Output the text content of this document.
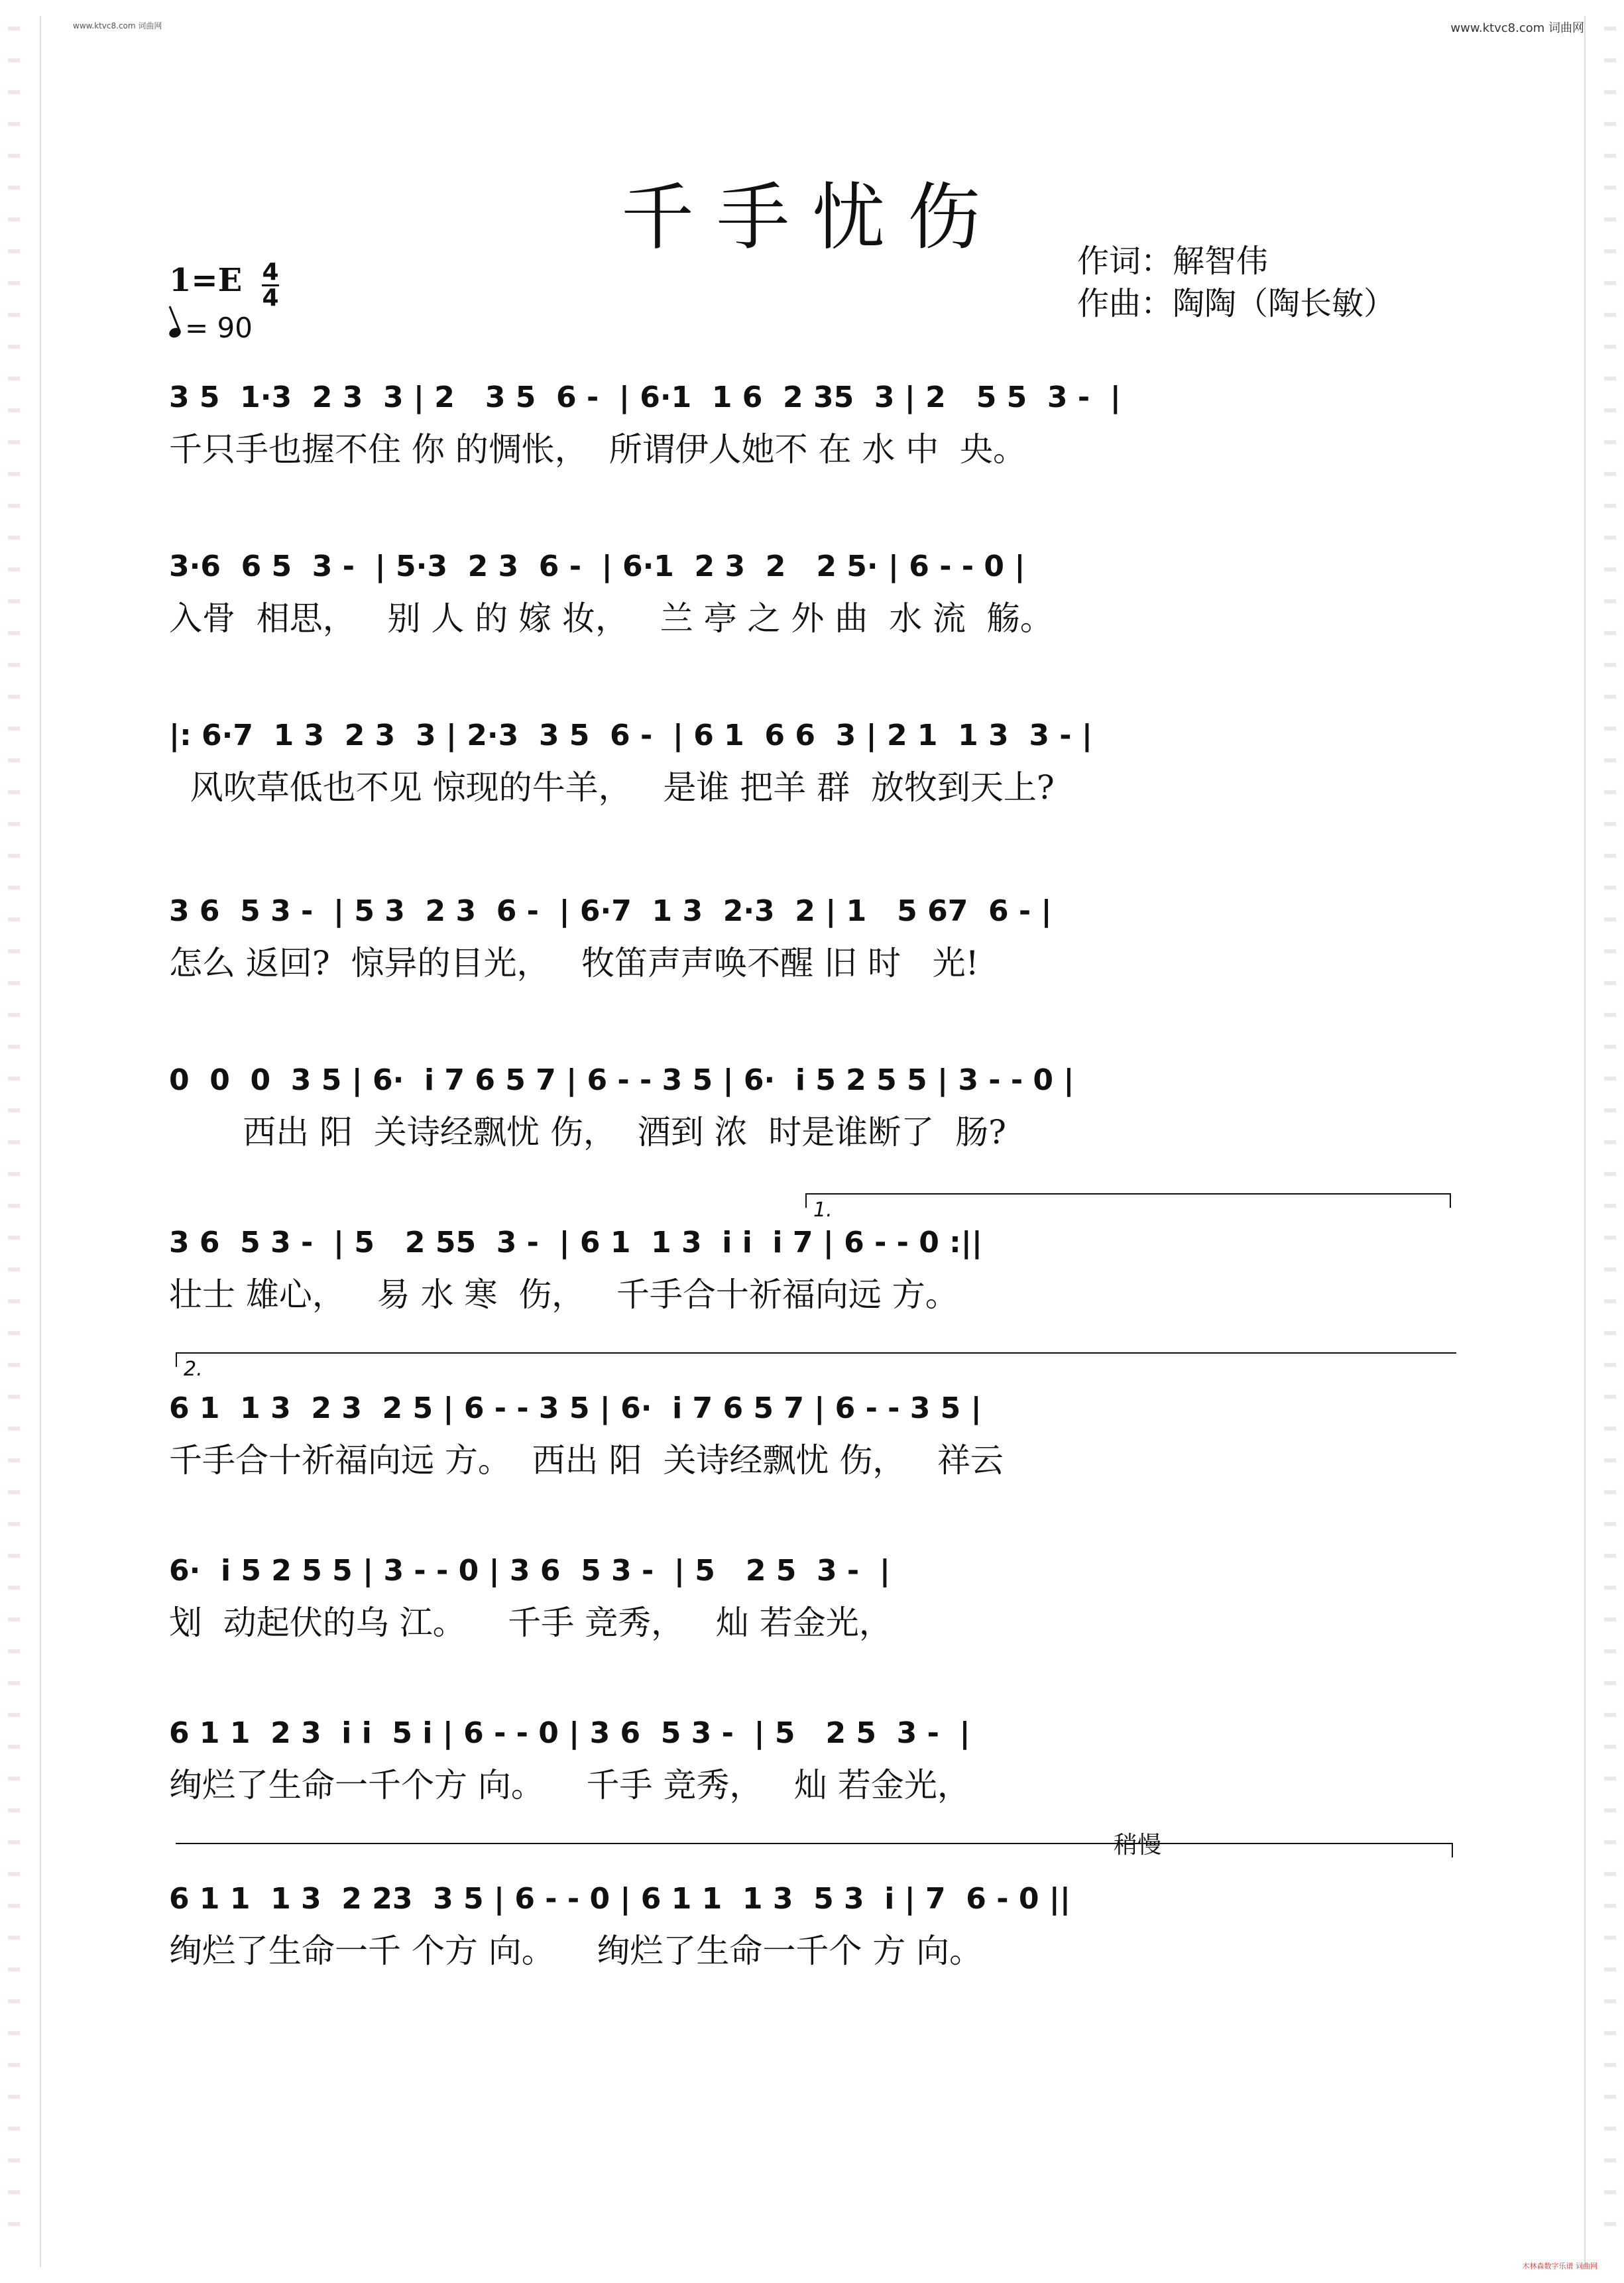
www.ktvc8.com 词曲网	www.ktvc8.com 词曲网
千手忧伤
作词：解智伟
作曲：陶陶（陶长敏）
1=E 4
4
= 90
3 5  1·3  2 3  3 | 2   3 5  6 -  | 6·1  1 6  2 35  3 | 2   5 5  3 -  |
千只手也握不住 你 的惆怅，  所谓伊人她不 在 水 中  央。
3·6  6 5  3 -  | 5·3  2 3  6 -  | 6·1  2 3  2   2 5· | 6 - - 0 |
入骨  相思，   别 人 的 嫁 妆，   兰 亭 之 外 曲  水 流  觞。
|: 6·7  1 3  2 3  3 | 2·3  3 5  6 -  | 6 1  6 6  3 | 2 1  1 3  3 - |
风吹草低也不见 惊现的牛羊，   是谁 把羊 群  放牧到天上?
3 6  5 3 -  | 5 3  2 3  6 -  | 6·7  1 3  2·3  2 | 1   5 67  6 - |
怎么 返回?  惊异的目光，   牧笛声声唤不醒 旧 时   光!
0  0  0  3 5 | 6·  i 7 6 5 7 | 6 - - 3 5 | 6·  i 5 2 5 5 | 3 - - 0 |
西出 阳  关诗经飘忧 伤，  酒到 浓  时是谁断了  肠?
1.
3 6  5 3 -  | 5   2 55  3 -  | 6 1  1 3  i i  i 7 | 6 - - 0 :||
壮士 雄心，   易 水 寒  伤，   千手合十祈福向远 方。
2.
6 1  1 3  2 3  2 5 | 6 - - 3 5 | 6·  i 7 6 5 7 | 6 - - 3 5 |
千手合十祈福向远 方。  西出 阳  关诗经飘忧 伤，   祥云
6·  i 5 2 5 5 | 3 - - 0 | 3 6  5 3 -  | 5   2 5  3 -  |
划  动起伏的乌 江。    千手 竞秀，   灿 若金光，
6 1 1  2 3  i i  5 i | 6 - - 0 | 3 6  5 3 -  | 5   2 5  3 -  |
绚烂了生命一千个方 向。    千手 竞秀，   灿 若金光，
稍慢
6 1 1  1 3  2 23  3 5 | 6 - - 0 | 6 1 1  1 3  5 3  i | 7  6 - 0 ||
绚烂了生命一千 个方 向。    绚烂了生命一千个 方 向。
木林森数字乐谱 词曲网
